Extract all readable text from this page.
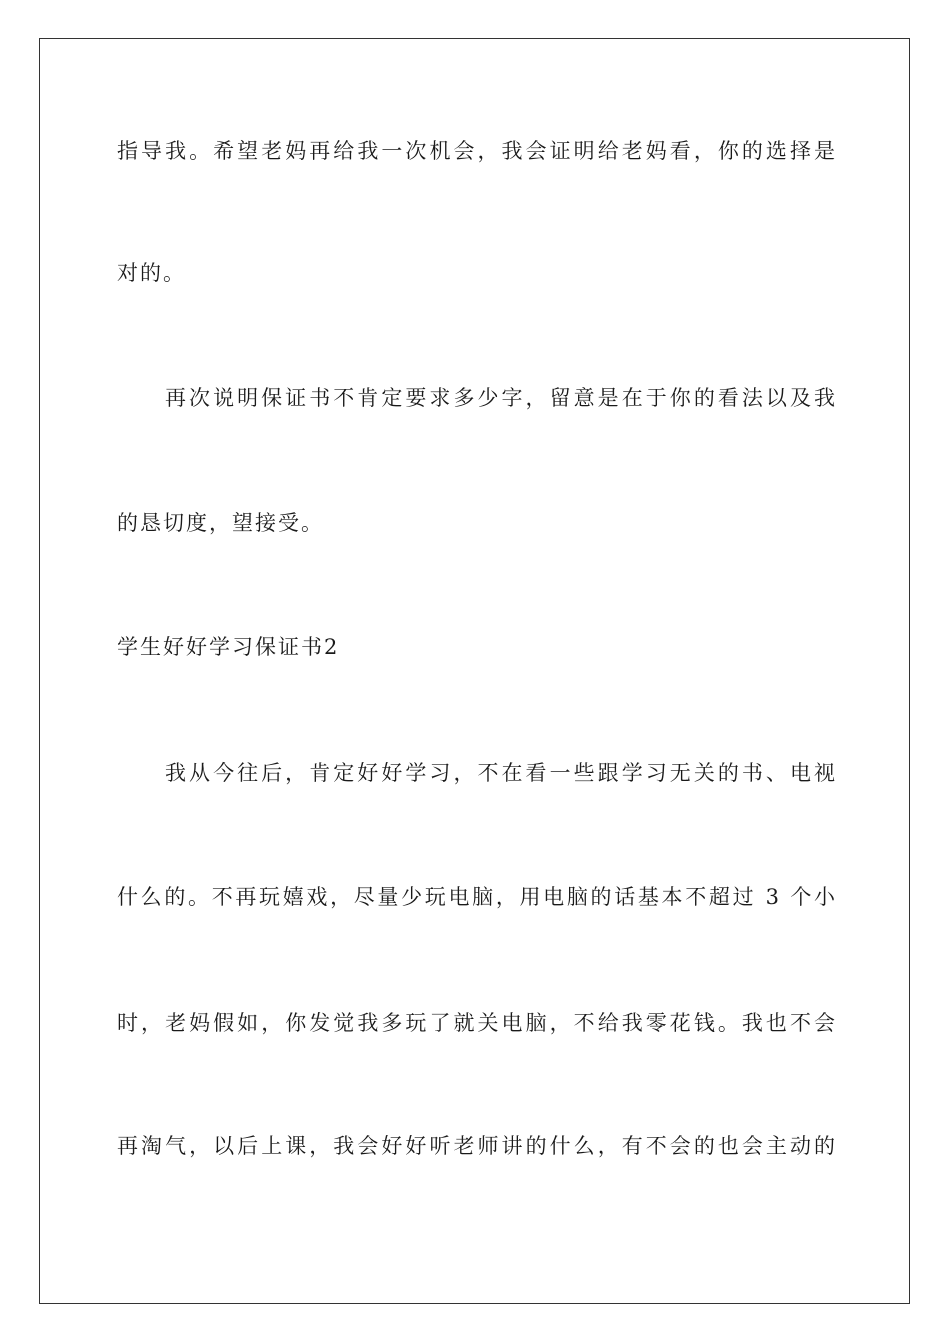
指导我。希望老妈再给我一次机会，我会证明给老妈看，你的选择是
对的。
再次说明保证书不肯定要求多少字，留意是在于你的看法以及我
的恳切度，望接受。
学生好好学习保证书2
我从今往后，肯定好好学习，不在看一些跟学习无关的书、电视
什么的。不再玩嬉戏，尽量少玩电脑，用电脑的话基本不超过 3 个小
时，老妈假如，你发觉我多玩了就关电脑，不给我零花钱。我也不会
再淘气，以后上课，我会好好听老师讲的什么，有不会的也会主动的
